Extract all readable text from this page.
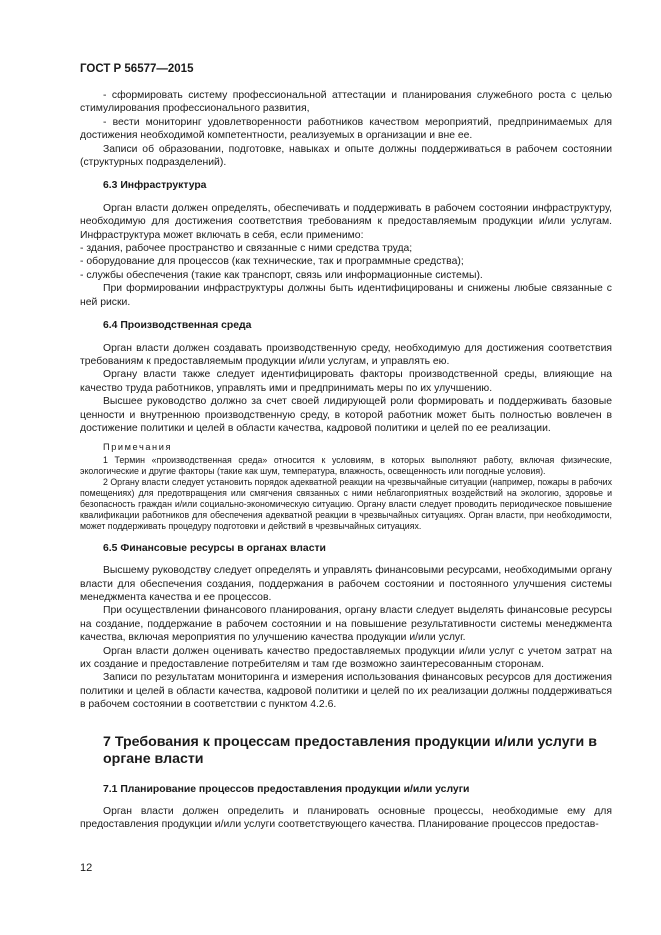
ГОСТ Р 56577—2015

- сформировать систему профессиональной аттестации и планирования служебного роста с целью стимулирования профессионального развития,

- вести мониторинг удовлетворенности работников качеством мероприятий, предпринимаемых для достижения необходимой компетентности, реализуемых в организации и вне ее.

Записи об образовании, подготовке, навыках и опыте должны поддерживаться в рабочем состоянии (структурных подразделений).

6.3 Инфраструктура

Орган власти должен определять, обеспечивать и поддерживать в рабочем состоянии инфраструктуру, необходимую для достижения соответствия требованиям к предоставляемым продукции и/или услугам. Инфраструктура может включать в себя, если применимо:

- здания, рабочее пространство и связанные с ними средства труда;

- оборудование для процессов (как технические, так и программные средства);

- службы обеспечения (такие как транспорт, связь или информационные системы).

При формировании инфраструктуры должны быть идентифицированы и снижены любые связанные с ней риски.

6.4 Производственная среда

Орган власти должен создавать производственную среду, необходимую для достижения соответствия требованиям к предоставляемым продукции и/или услугам, и управлять ею.

Органу власти также следует идентифицировать факторы производственной среды, влияющие на качество труда работников, управлять ими и предпринимать меры по их улучшению.

Высшее руководство должно за счет своей лидирующей роли формировать и поддерживать базовые ценности и внутреннюю производственную среду, в которой работник может быть полностью вовлечен в достижение политики и целей в области качества, кадровой политики и целей по ее реализации.

Примечания

1 Термин «производственная среда» относится к условиям, в которых выполняют работу, включая физические, экологические и другие факторы (такие как шум, температура, влажность, освещенность или погодные условия).

2 Органу власти следует установить порядок адекватной реакции на чрезвычайные ситуации (например, пожары в рабочих помещениях) для предотвращения или смягчения связанных с ними неблагоприятных воздействий на экологию, здоровье и безопасность граждан и/или социально-экономическую ситуацию. Органу власти следует проводить периодическое повышение квалификации работников для обеспечения адекватной реакции в чрезвычайных ситуациях. Орган власти, при необходимости, может поддерживать процедуру подготовки и действий в чрезвычайных ситуациях.

6.5 Финансовые ресурсы в органах власти

Высшему руководству следует определять и управлять финансовыми ресурсами, необходимыми органу власти для обеспечения создания, поддержания в рабочем состоянии и постоянного улучшения системы менеджмента качества и ее процессов.

При осуществлении финансового планирования, органу власти следует выделять финансовые ресурсы на создание, поддержание в рабочем состоянии и на повышение результативности системы менеджмента качества, включая мероприятия по улучшению качества продукции и/или услуг.

Орган власти должен оценивать качество предоставляемых продукции и/или услуг с учетом затрат на их создание и предоставление потребителям и там где возможно заинтересованным сторонам.

Записи по результатам мониторинга и измерения использования финансовых ресурсов для достижения политики и целей в области качества, кадровой политики и целей по их реализации должны поддерживаться в рабочем состоянии в соответствии с пунктом 4.2.6.

7 Требования к процессам предоставления продукции и/или услуги в органе власти

7.1 Планирование процессов предоставления продукции и/или услуги

Орган власти должен определить и планировать основные процессы, необходимые ему для предоставления продукции и/или услуги соответствующего качества. Планирование процессов предостав-

12
